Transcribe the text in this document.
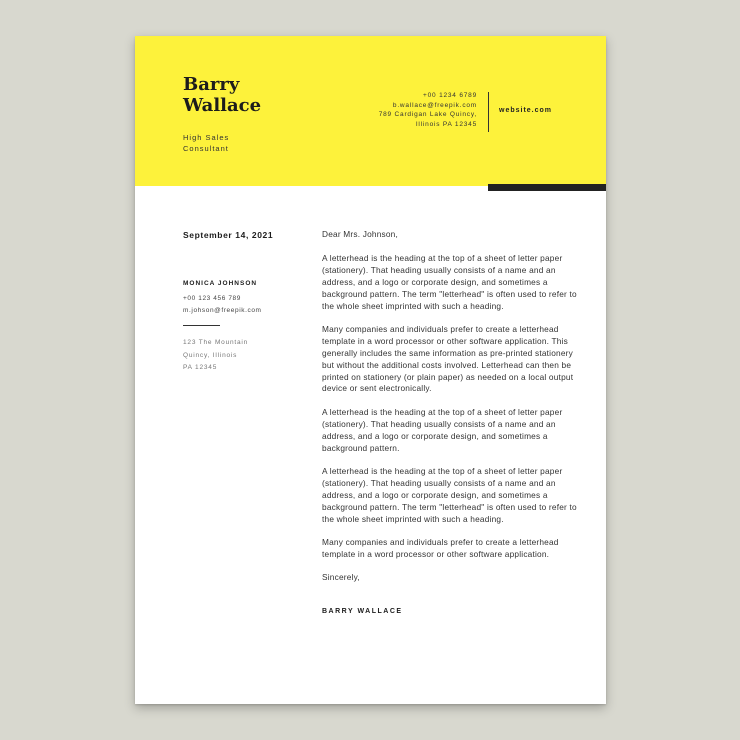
Barry
Wallace
High Sales
Consultant
+00 1234 6789
b.wallace@freepik.com
789 Cardigan Lake Quincy,
Illinois PA 12345
website.com
September 14, 2021
MONICA JOHNSON
+00 123 456 789
m.johson@freepik.com
123 The Mountain
Quincy, Illinois
PA 12345

Dear Mrs. Johnson,

A letterhead is the heading at the top of a sheet of letter paper (stationery). That heading usually consists of a name and an address, and a logo or corporate design, and sometimes a background pattern. The term "letterhead" is often used to refer to the whole sheet imprinted with such a heading.

Many companies and individuals prefer to create a letterhead template in a word processor or other software application. This generally includes the same information as pre-printed stationery but without the additional costs involved. Letterhead can then be printed on stationery (or plain paper) as needed on a local output device or sent electronically.

A letterhead is the heading at the top of a sheet of letter paper (stationery). That heading usually consists of a name and an address, and a logo or corporate design, and sometimes a background pattern.

A letterhead is the heading at the top of a sheet of letter paper (stationery). That heading usually consists of a name and an address, and a logo or corporate design, and sometimes a background pattern. The term "letterhead" is often used to refer to the whole sheet imprinted with such a heading.

Many companies and individuals prefer to create a letterhead template in a word processor or other software application.

Sincerely,

BARRY WALLACE
